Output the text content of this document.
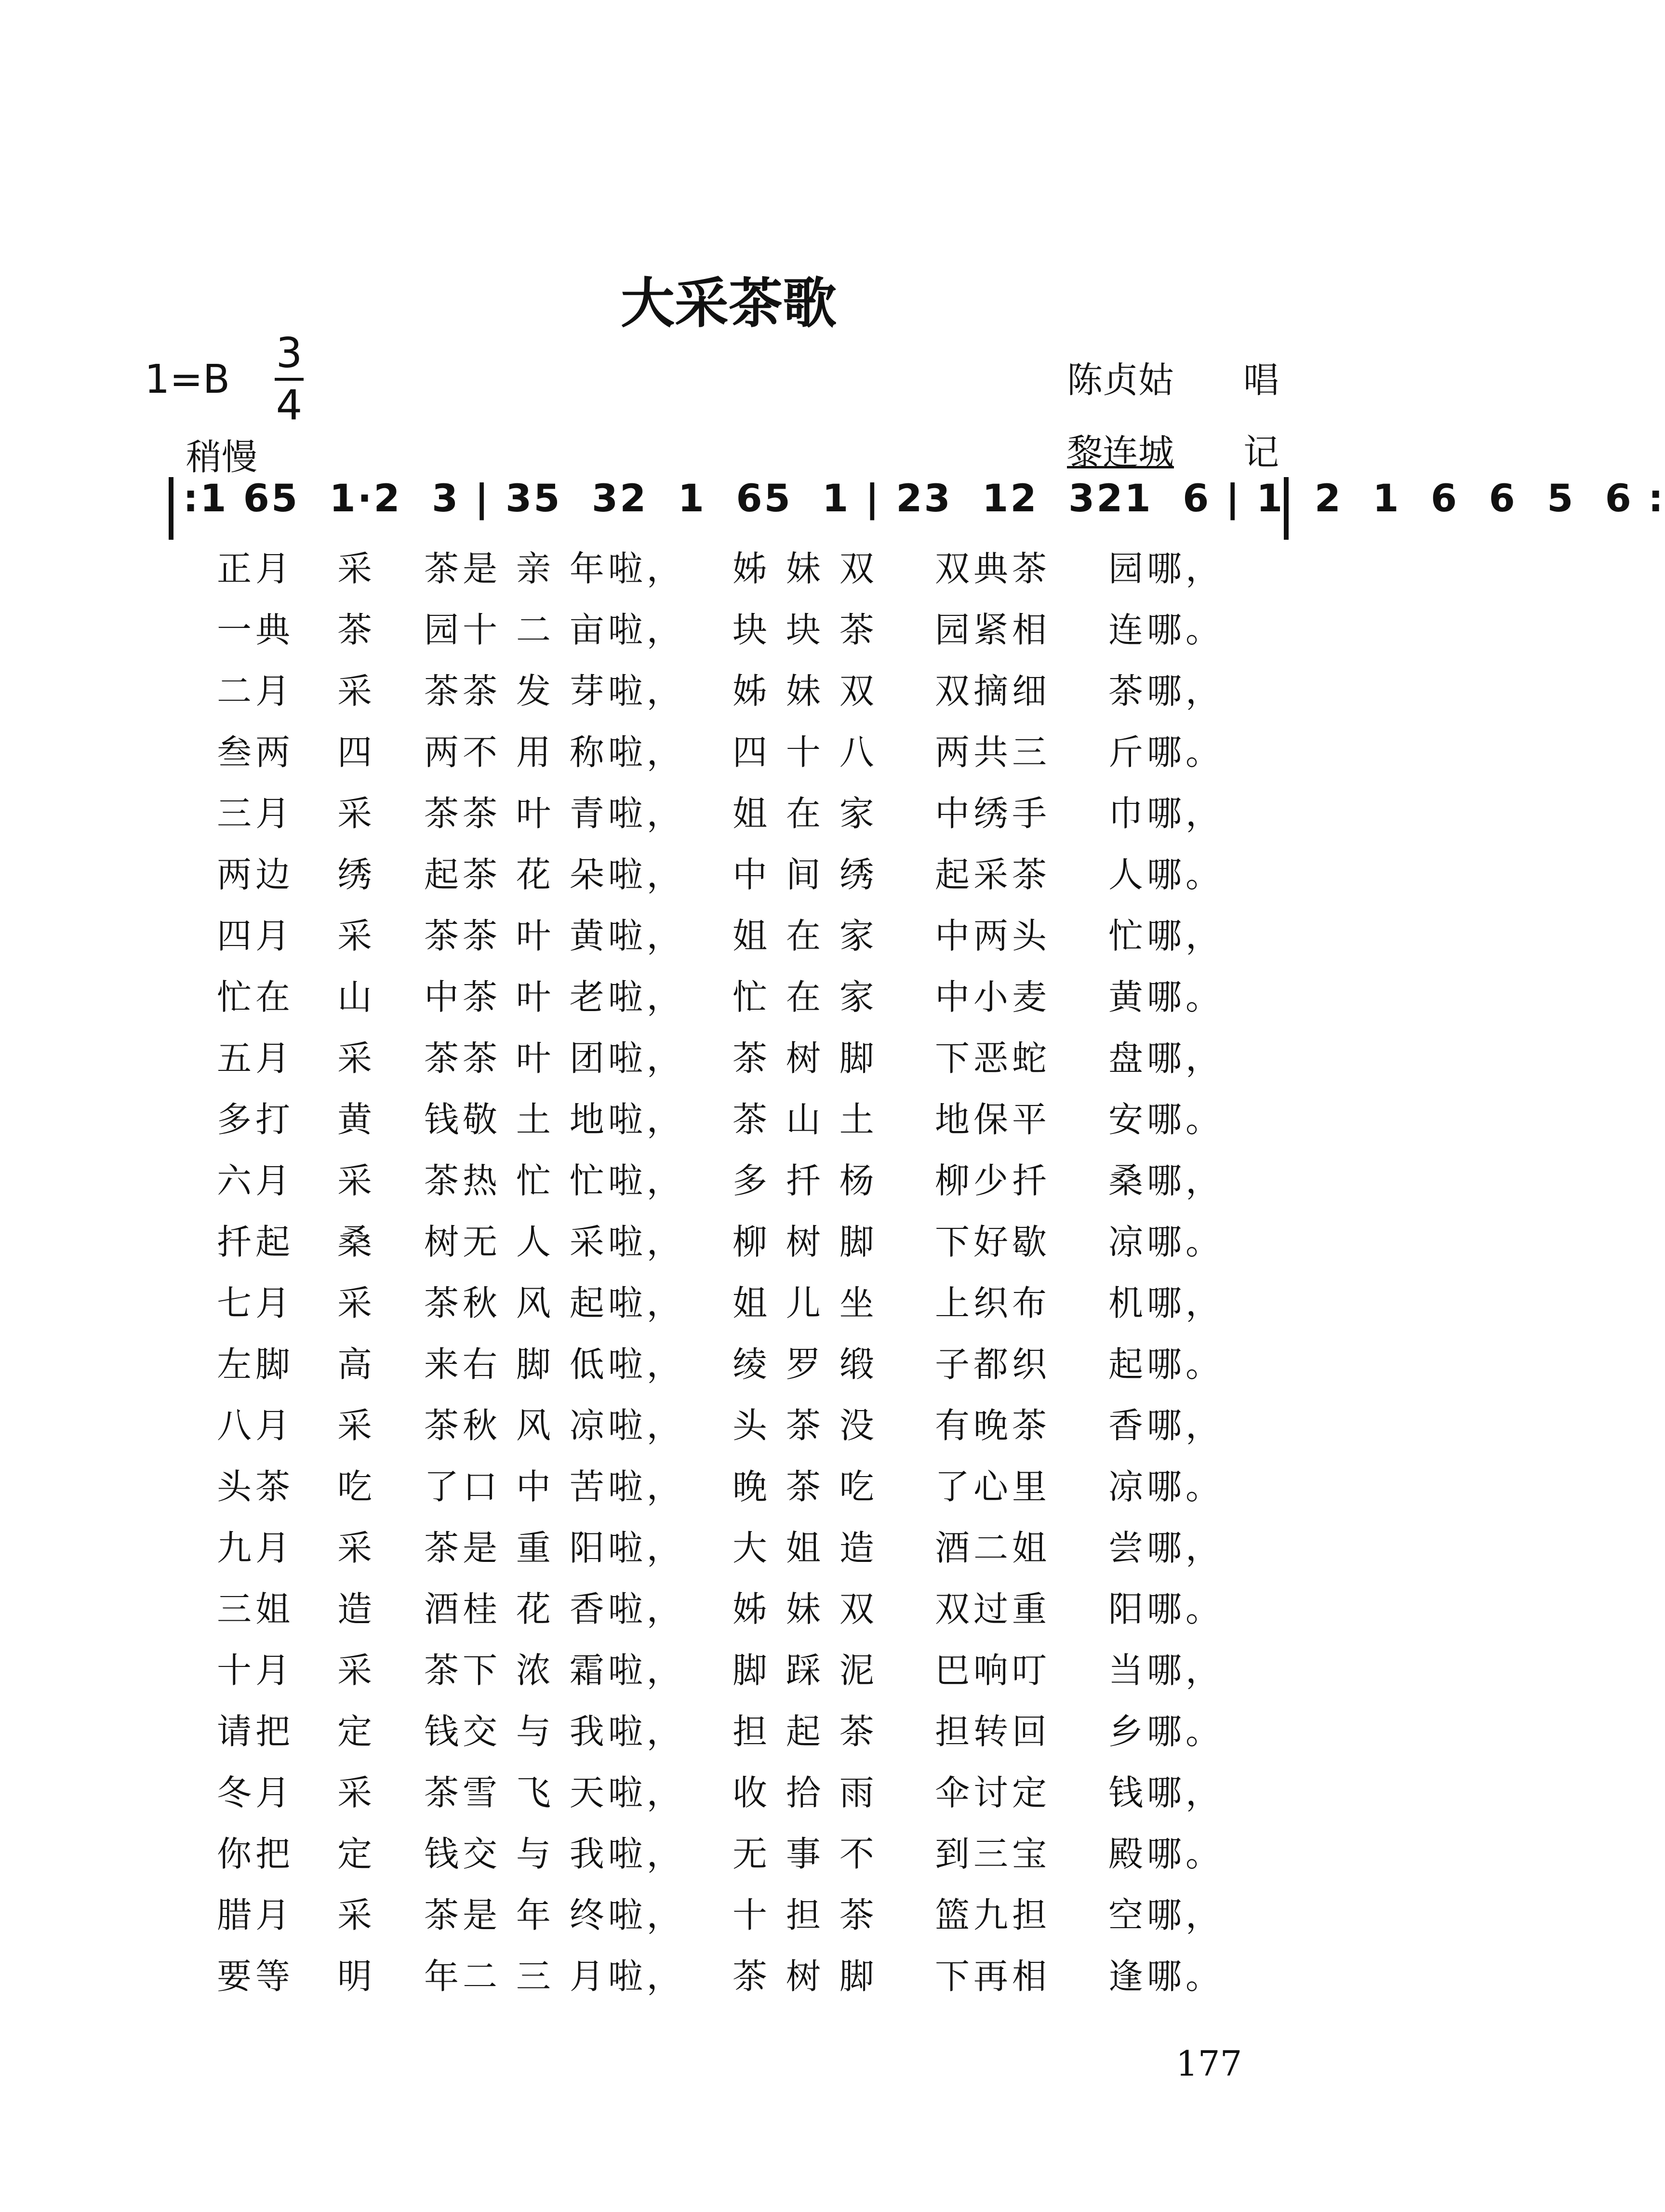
大采茶歌
1=B
3
4
陈贞姑 唱
稍慢	黎连城 记
:1 65  1·2  3 | 35  32  1  65  1 | 23  12  321  6 | 1  2  1  6  6  5  6 :
正月	采	茶是 亲 年啦，	姊 妹 双	双典茶	园哪，
一典	茶	园十 二 亩啦，	块 块 茶	园紧相	连哪。
二月	采	茶茶 发 芽啦，	姊 妹 双	双摘细	茶哪，
叁两	四	两不 用 称啦，	四 十 八	两共三	斤哪。
三月	采	茶茶 叶 青啦，	姐 在 家	中绣手	巾哪，
两边	绣	起茶 花 朵啦，	中 间 绣	起采茶	人哪。
四月	采	茶茶 叶 黄啦，	姐 在 家	中两头	忙哪，
忙在	山	中茶 叶 老啦，	忙 在 家	中小麦	黄哪。
五月	采	茶茶 叶 团啦，	茶 树 脚	下恶蛇	盘哪，
多打	黄	钱敬 土 地啦，	茶 山 土	地保平	安哪。
六月	采	茶热 忙 忙啦，	多 扦 杨	柳少扦	桑哪，
扦起	桑	树无 人 采啦，	柳 树 脚	下好歇	凉哪。
七月	采	茶秋 风 起啦，	姐 儿 坐	上织布	机哪，
左脚	高	来右 脚 低啦，	绫 罗 缎	子都织	起哪。
八月	采	茶秋 风 凉啦，	头 茶 没	有晚茶	香哪，
头茶	吃	了口 中 苦啦，	晚 茶 吃	了心里	凉哪。
九月	采	茶是 重 阳啦，	大 姐 造	酒二姐	尝哪，
三姐	造	酒桂 花 香啦，	姊 妹 双	双过重	阳哪。
十月	采	茶下 浓 霜啦，	脚 踩 泥	巴响叮	当哪，
请把	定	钱交 与 我啦，	担 起 茶	担转回	乡哪。
冬月	采	茶雪 飞 天啦，	收 拾 雨	伞讨定	钱哪，
你把	定	钱交 与 我啦，	无 事 不	到三宝	殿哪。
腊月	采	茶是 年 终啦，	十 担 茶	篮九担	空哪，
要等	明	年二 三 月啦，	茶 树 脚	下再相	逢哪。
177
